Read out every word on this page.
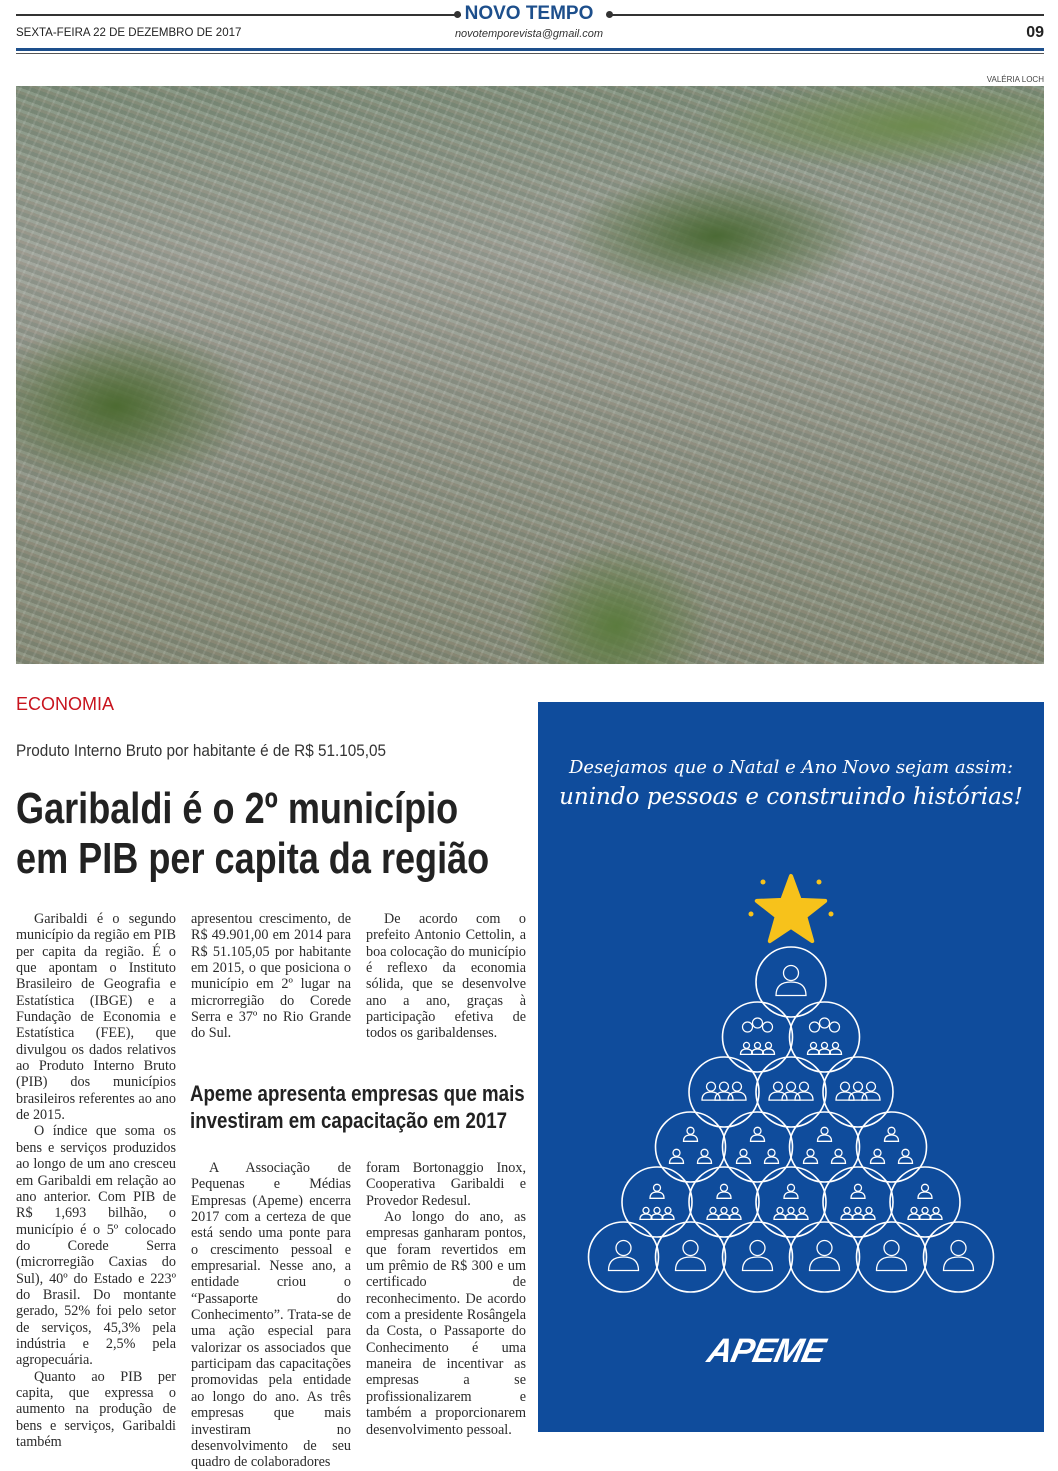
NOVO TEMPO
SEXTA-FEIRA 22 DE DEZEMBRO DE 2017	novotemporevista@gmail.com	09
VALÉRIA LOCH
ECONOMIA
Produto Interno Bruto por habitante é de R$ 51.105,05
Garibaldi é o 2º município
em PIB per capita da região

Garibaldi é o segundo município da região em PIB per capita da região. É o que apontam o Instituto Brasileiro de Geografia e Estatística (IBGE) e a Fundação de Economia e Estatística (FEE), que divulgou os dados relativos ao Produto Interno Bruto (PIB) dos municípios brasileiros referentes ao ano de 2015.

O índice que soma os bens e serviços produzidos ao longo de um ano cresceu em Garibaldi em relação ao ano anterior. Com PIB de R$ 1,693 bilhão, o município é o 5º colocado do Corede Serra (microrregião Caxias do Sul), 40º do Estado e 223º do Brasil. Do montante gerado, 52% foi pelo setor de serviços, 45,3% pela indústria e 2,5% pela agropecuária.

Quanto ao PIB per capita, que expressa o aumento na produção de bens e serviços, Garibaldi também

apresentou crescimento, de R$ 49.901,00 em 2014 para R$ 51.105,05 por habitante em 2015, o que posiciona o município em 2º lugar na microrregião do Corede Serra e 37º no Rio Grande do Sul.

De acordo com o prefeito Antonio Cettolin, a boa colocação do município é reflexo da economia sólida, que se desenvolve ano a ano, graças à participação efetiva de todos os garibaldenses.

Apeme apresenta empresas que mais
investiram em capacitação em 2017

A Associação de Pequenas e Médias Empresas (Apeme) encerra 2017 com a certeza de que está sendo uma ponte para o crescimento pessoal e empresarial. Nesse ano, a entidade criou o “Passaporte do Conhecimento”. Trata-se de uma ação especial para valorizar os associados que participam das capacitações promovidas pela entidade ao longo do ano. As três empresas que mais investiram no desenvolvimento de seu quadro de colaboradores

foram Bortonaggio Inox, Cooperativa Garibaldi e Provedor Redesul.

Ao longo do ano, as empresas ganharam pontos, que foram revertidos em um prêmio de R$ 300 e um certificado de reconhecimento. De acordo com a presidente Rosângela da Costa, o Passaporte do Conhecimento é uma maneira de incentivar as empresas a se profissionalizarem e também a proporcionarem desenvolvimento pessoal.

Desejamos que o Natal e Ano Novo sejam assim:
unindo pessoas e construindo histórias!
APEME
